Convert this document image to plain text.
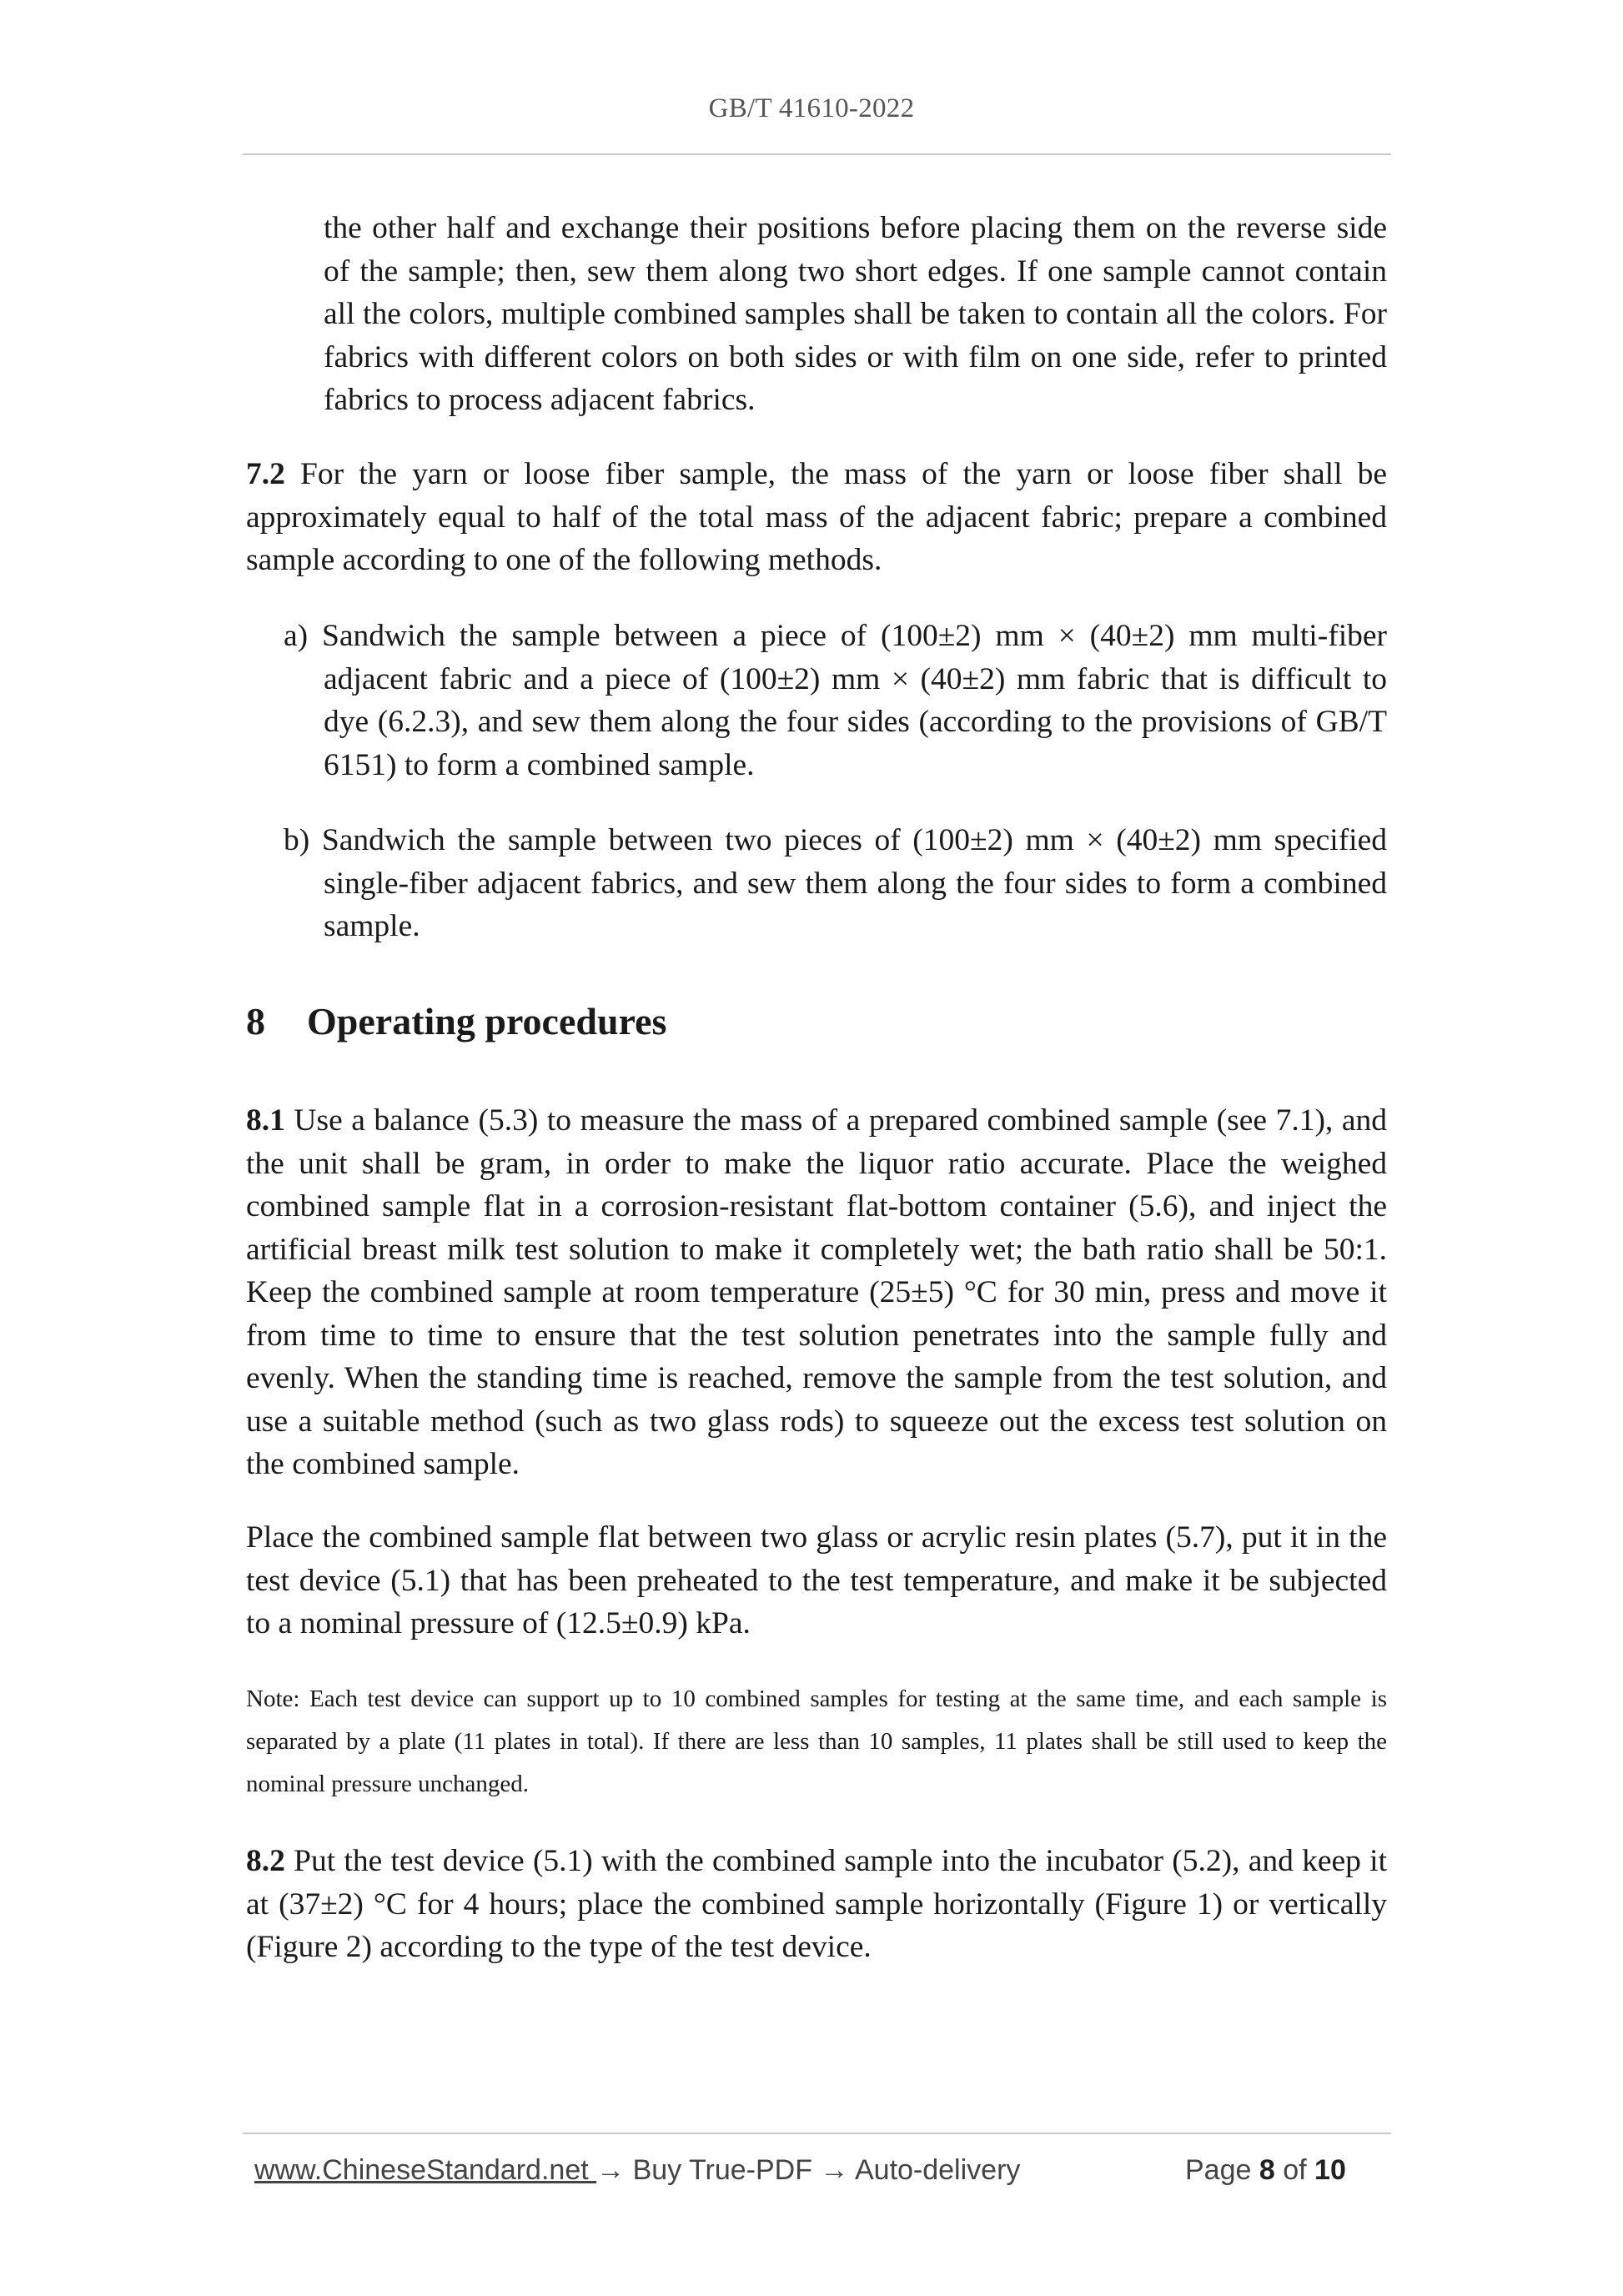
GB/T 41610-2022

the other half and exchange their positions before placing them on the reverse side of the sample; then, sew them along two short edges. If one sample cannot contain all the colors, multiple combined samples shall be taken to contain all the colors. For fabrics with different colors on both sides or with film on one side, refer to printed fabrics to process adjacent fabrics.

7.2 For the yarn or loose fiber sample, the mass of the yarn or loose fiber shall be approximately equal to half of the total mass of the adjacent fabric; prepare a combined sample according to one of the following methods.

a) Sandwich the sample between a piece of (100±2) mm × (40±2) mm multi-fiber adjacent fabric and a piece of (100±2) mm × (40±2) mm fabric that is difficult to dye (6.2.3), and sew them along the four sides (according to the provisions of GB/T 6151) to form a combined sample.

b) Sandwich the sample between two pieces of (100±2) mm × (40±2) mm specified single-fiber adjacent fabrics, and sew them along the four sides to form a combined sample.

8 Operating procedures

8.1 Use a balance (5.3) to measure the mass of a prepared combined sample (see 7.1), and the unit shall be gram, in order to make the liquor ratio accurate. Place the weighed combined sample flat in a corrosion-resistant flat-bottom container (5.6), and inject the artificial breast milk test solution to make it completely wet; the bath ratio shall be 50:1. Keep the combined sample at room temperature (25±5) °C for 30 min, press and move it from time to time to ensure that the test solution penetrates into the sample fully and evenly. When the standing time is reached, remove the sample from the test solution, and use a suitable method (such as two glass rods) to squeeze out the excess test solution on the combined sample.

Place the combined sample flat between two glass or acrylic resin plates (5.7), put it in the test device (5.1) that has been preheated to the test temperature, and make it be subjected to a nominal pressure of (12.5±0.9) kPa.

Note: Each test device can support up to 10 combined samples for testing at the same time, and each sample is separated by a plate (11 plates in total). If there are less than 10 samples, 11 plates shall be still used to keep the nominal pressure unchanged.

8.2 Put the test device (5.1) with the combined sample into the incubator (5.2), and keep it at (37±2) °C for 4 hours; place the combined sample horizontally (Figure 1) or vertically (Figure 2) according to the type of the test device.

www.ChineseStandard.net → Buy True-PDF → Auto-delivery	Page 8 of 10
